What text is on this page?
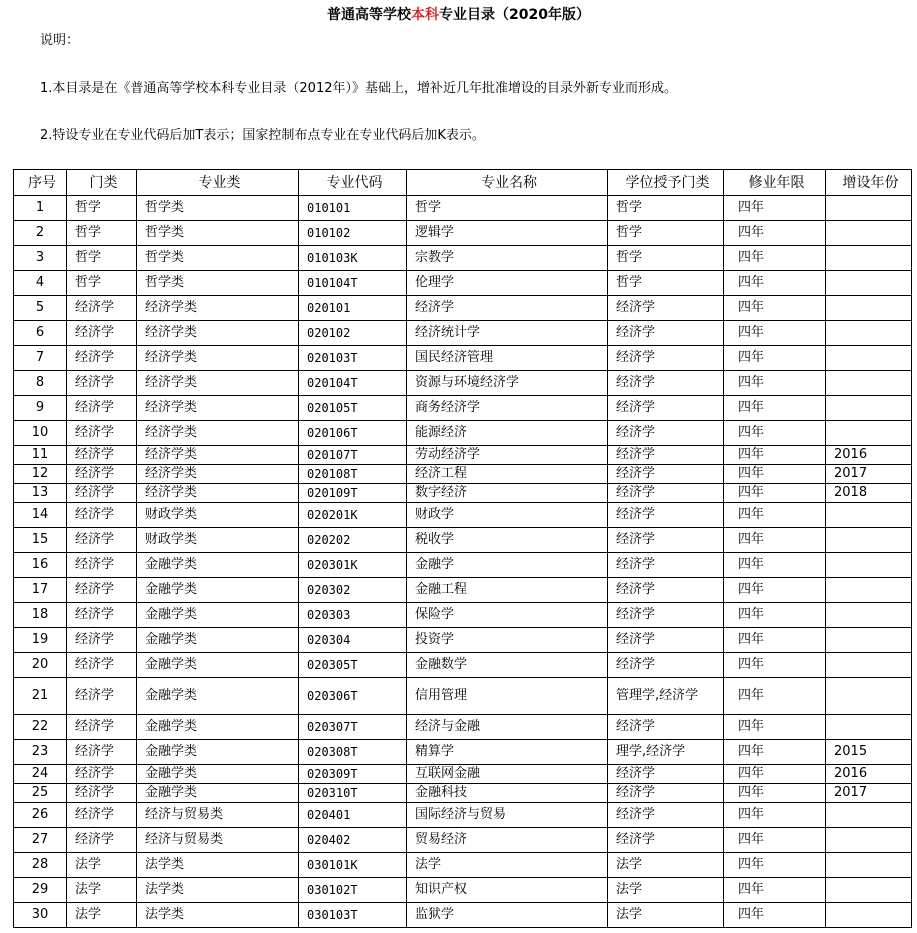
普通高等学校本科专业目录（2020年版）
说明：
1.本目录是在《普通高等学校本科专业目录（2012年）》基础上，增补近几年批准增设的目录外新专业而形成。
2.特设专业在专业代码后加T表示；国家控制布点专业在专业代码后加K表示。
序号	门类	专业类	专业代码	专业名称	学位授予门类	修业年限	增设年份
1	哲学	哲学类	010101	哲学	哲学	四年	
2	哲学	哲学类	010102	逻辑学	哲学	四年	
3	哲学	哲学类	010103K	宗教学	哲学	四年	
4	哲学	哲学类	010104T	伦理学	哲学	四年	
5	经济学	经济学类	020101	经济学	经济学	四年	
6	经济学	经济学类	020102	经济统计学	经济学	四年	
7	经济学	经济学类	020103T	国民经济管理	经济学	四年	
8	经济学	经济学类	020104T	资源与环境经济学	经济学	四年	
9	经济学	经济学类	020105T	商务经济学	经济学	四年	
10	经济学	经济学类	020106T	能源经济	经济学	四年	
11	经济学	经济学类	020107T	劳动经济学	经济学	四年	2016
12	经济学	经济学类	020108T	经济工程	经济学	四年	2017
13	经济学	经济学类	020109T	数字经济	经济学	四年	2018
14	经济学	财政学类	020201K	财政学	经济学	四年	
15	经济学	财政学类	020202	税收学	经济学	四年	
16	经济学	金融学类	020301K	金融学	经济学	四年	
17	经济学	金融学类	020302	金融工程	经济学	四年	
18	经济学	金融学类	020303	保险学	经济学	四年	
19	经济学	金融学类	020304	投资学	经济学	四年	
20	经济学	金融学类	020305T	金融数学	经济学	四年	
21	经济学	金融学类	020306T	信用管理	管理学,经济学	四年	
22	经济学	金融学类	020307T	经济与金融	经济学	四年	
23	经济学	金融学类	020308T	精算学	理学,经济学	四年	2015
24	经济学	金融学类	020309T	互联网金融	经济学	四年	2016
25	经济学	金融学类	020310T	金融科技	经济学	四年	2017
26	经济学	经济与贸易类	020401	国际经济与贸易	经济学	四年	
27	经济学	经济与贸易类	020402	贸易经济	经济学	四年	
28	法学	法学类	030101K	法学	法学	四年	
29	法学	法学类	030102T	知识产权	法学	四年	
30	法学	法学类	030103T	监狱学	法学	四年	
